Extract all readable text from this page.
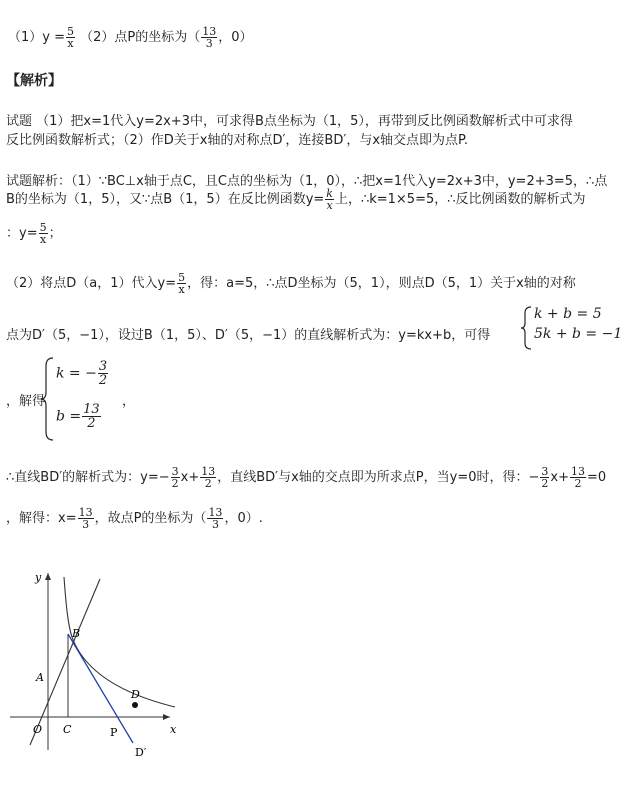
$(1)y = \frac{5}{x} (2)$点P的坐标为（ $\frac{13}{3}$ ，0）
【解析】
试题 （1）把x=1代入y=2x+3中，可求得B点坐标为（1，5），再带到反比例函数解析式中可求得
反比例函数解析式；（2）作D关于x轴的对称点D′，连接BD′，与x轴交点即为点P.
试题解析：（1）∵BC⊥x轴于点C，且C点的坐标为（1，0），∴把x=1代入y=2x+3中，y=2+3=5，∴点
B的坐标为（1，5），又∵点B（1，5）在反比例函数$y= \frac{k}{x}$ 上，∴k=1×5=5，∴反比例函数的解析式为
：$y= \frac{5}{x}$ ；
（2）将点D（a，1）代入$y= \frac{5}{x}$ ，得：a=5，∴点D坐标为（5，1），则点D（5，1）关于x轴的对称
点为D′（5，−1），设过B（1，5）、D′（5，−1）的直线解析式为：y=kx+b，可得
k + b = 5
5k + b = −1
，解得
k = − $\frac{3}{2}$
$b = \frac{13}{2}$
，
∴直线BD′的解析式为：$y=- \frac{3}{2} x+ \frac{13}{2}$ ，直线BD′与x轴的交点即为所求点P，当y=0时，得：− $\frac{3}{2} x+ \frac{13}{2} =0$
，解得：$x= \frac{13}{3}$ ，故点P的坐标为（ $\frac{13}{3}$ ，0）.
y
x
O C
A
B
D
P
D′
